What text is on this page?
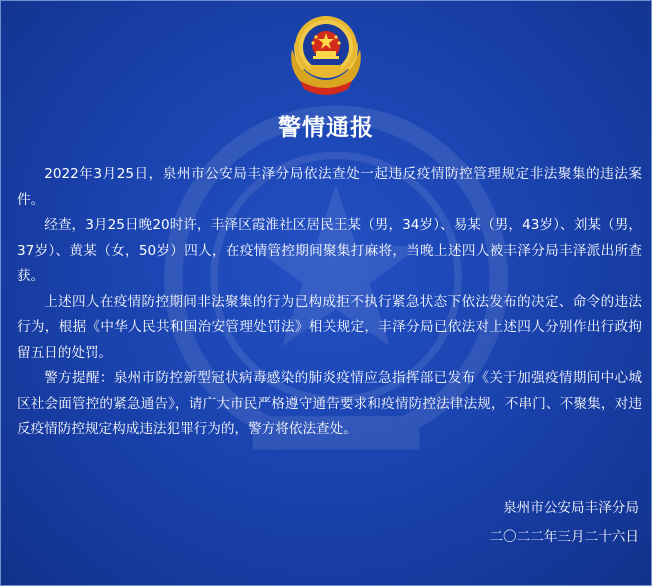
警情通报

2022年3月25日，泉州市公安局丰泽分局依法查处一起违反疫情防控管理规定非法聚集的违法案件。

经查，3月25日晚20时许，丰泽区霞淮社区居民王某（男，34岁）、易某（男，43岁）、刘某（男，37岁）、黄某（女，50岁）四人，在疫情管控期间聚集打麻将，当晚上述四人被丰泽分局丰泽派出所查获。

上述四人在疫情防控期间非法聚集的行为已构成拒不执行紧急状态下依法发布的决定、命令的违法行为，根据《中华人民共和国治安管理处罚法》相关规定，丰泽分局已依法对上述四人分别作出行政拘留五日的处罚。

警方提醒：泉州市防控新型冠状病毒感染的肺炎疫情应急指挥部已发布《关于加强疫情期间中心城区社会面管控的紧急通告》，请广大市民严格遵守通告要求和疫情防控法律法规，不串门、不聚集，对违反疫情防控规定构成违法犯罪行为的，警方将依法查处。

泉州市公安局丰泽分局
二〇二二年三月二十六日
